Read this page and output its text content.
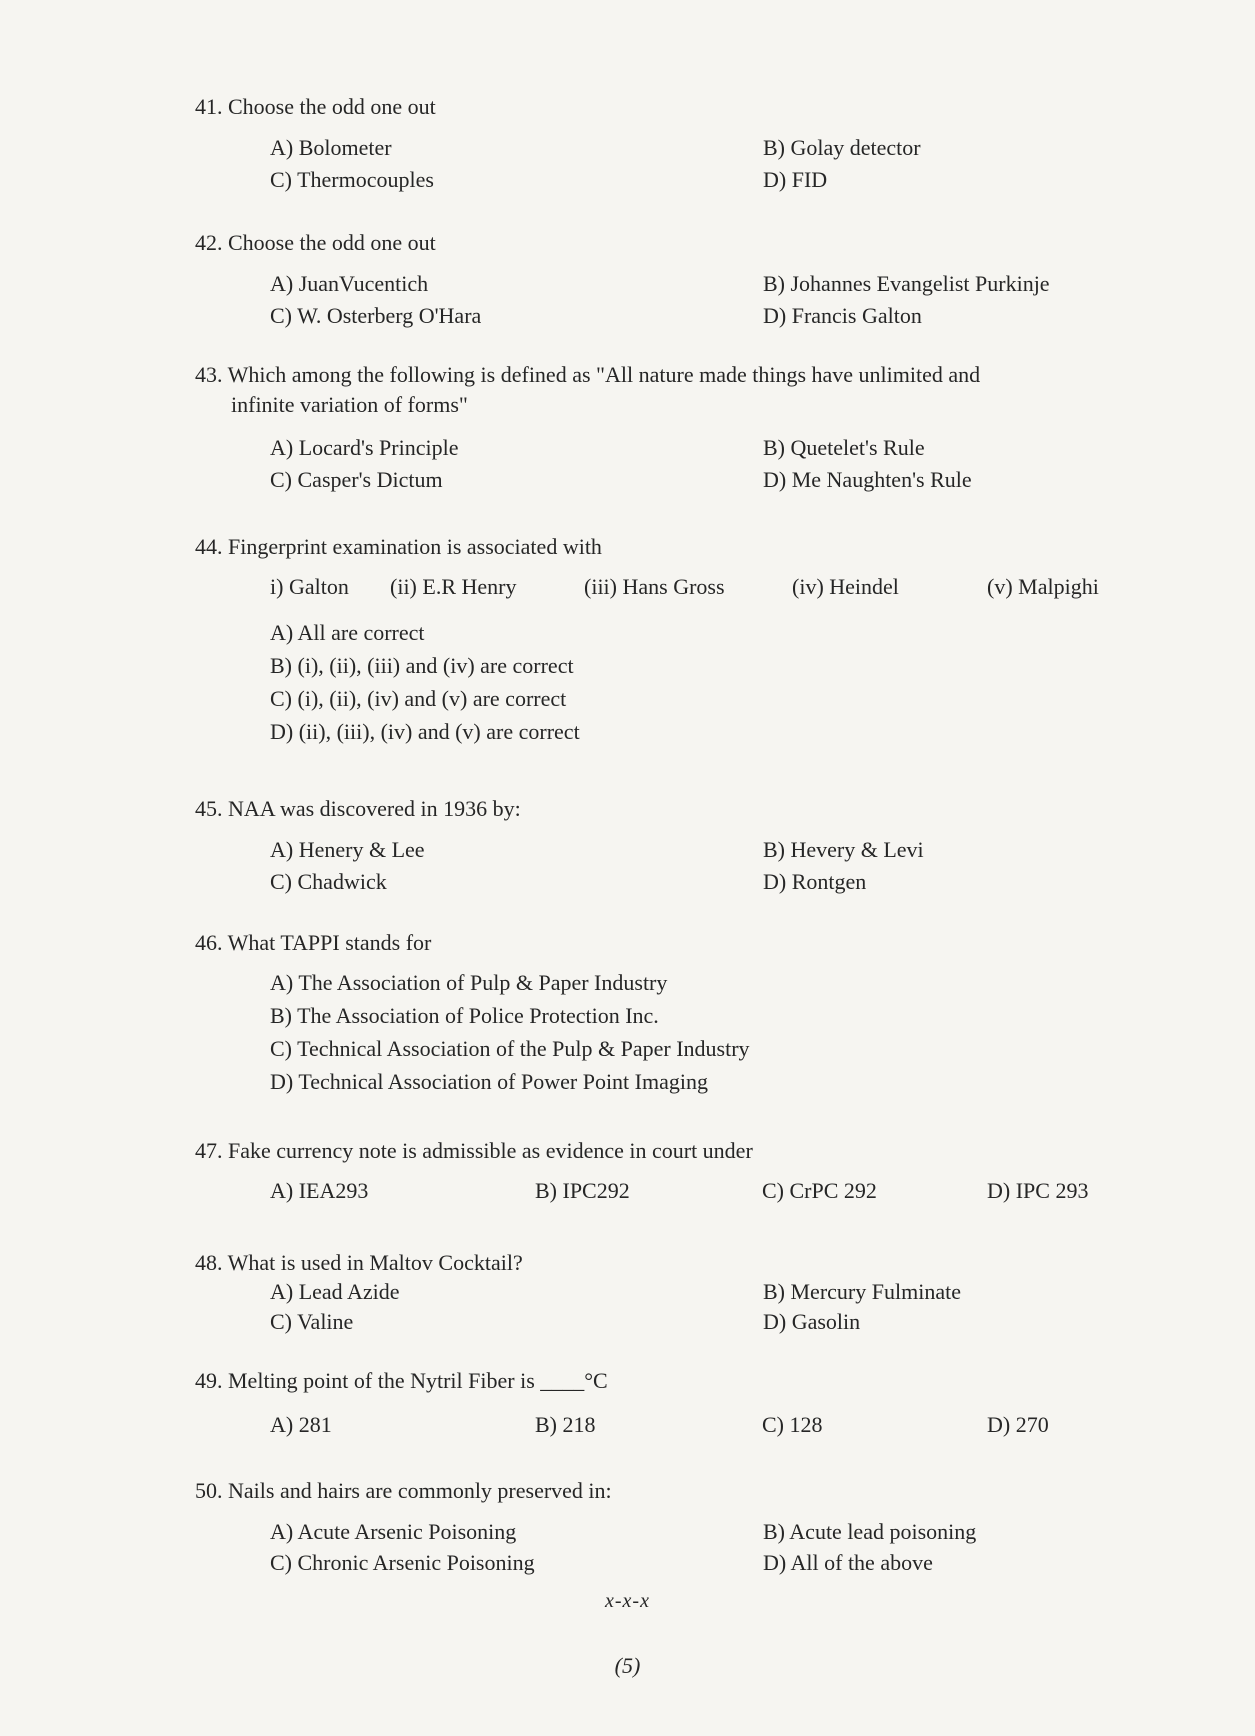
41. Choose the odd one out
A) Bolometer	B) Golay detector
C) Thermocouples	D) FID
42. Choose the odd one out
A) JuanVucentich	B) Johannes Evangelist Purkinje
C) W. Osterberg O'Hara	D) Francis Galton
43. Which among the following is defined as "All nature made things have unlimited and
infinite variation of forms"
A) Locard's Principle	B) Quetelet's Rule
C) Casper's Dictum	D) Me Naughten's Rule
44. Fingerprint examination is associated with
i) Galton	(ii) E.R Henry	(iii) Hans Gross	(iv) Heindel	(v) Malpighi
A) All are correct
B) (i), (ii), (iii) and (iv) are correct
C) (i), (ii), (iv) and (v) are correct
D) (ii), (iii), (iv) and (v) are correct
45. NAA was discovered in 1936 by:
A) Henery & Lee	B) Hevery & Levi
C) Chadwick	D) Rontgen
46. What TAPPI stands for
A) The Association of Pulp & Paper Industry
B) The Association of Police Protection Inc.
C) Technical Association of the Pulp & Paper Industry
D) Technical Association of Power Point Imaging
47. Fake currency note is admissible as evidence in court under
A) IEA293	B) IPC292	C) CrPC 292	D) IPC 293
48. What is used in Maltov Cocktail?
A) Lead Azide	B) Mercury Fulminate
C) Valine	D) Gasolin
49. Melting point of the Nytril Fiber is ____°C
A) 281	B) 218	C) 128	D) 270
50. Nails and hairs are commonly preserved in:
A) Acute Arsenic Poisoning	B) Acute lead poisoning
C) Chronic Arsenic Poisoning	D) All of the above
x-x-x
(5)
